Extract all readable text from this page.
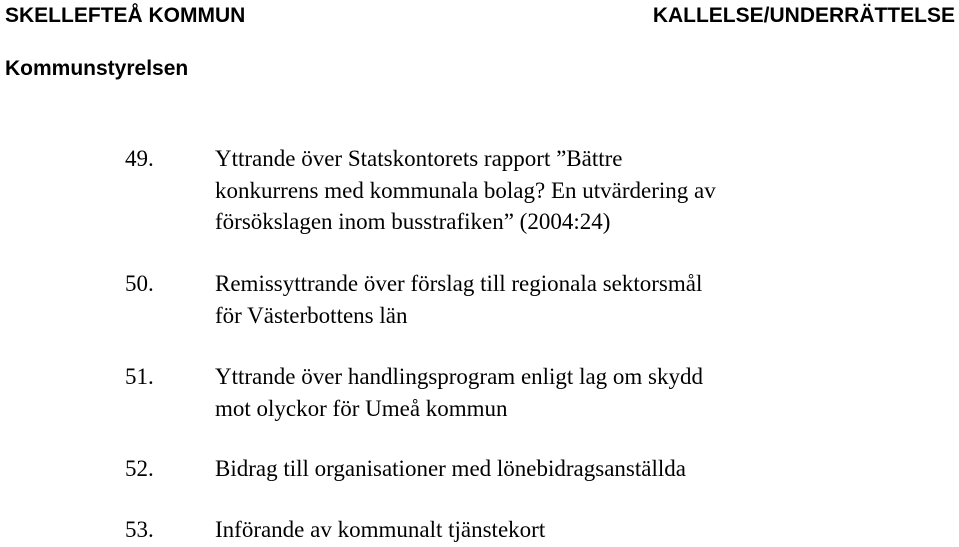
SKELLEFTEÅ KOMMUN	KALLELSE/UNDERRÄTTELSE
Kommunstyrelsen
49.	Yttrande över Statskontorets rapport ”Bättre
konkurrens med kommunala bolag? En utvärdering av
försökslagen inom busstrafiken” (2004:24)
50.	Remissyttrande över förslag till regionala sektorsmål
för Västerbottens län
51.	Yttrande över handlingsprogram enligt lag om skydd
mot olyckor för Umeå kommun
52.	Bidrag till organisationer med lönebidragsanställda
53.	Införande av kommunalt tjänstekort
